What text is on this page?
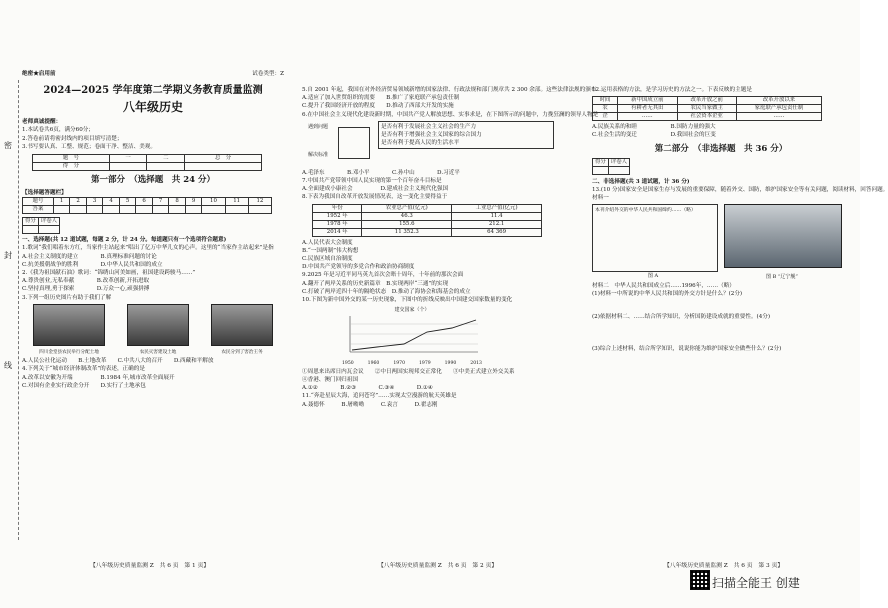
密
封
线
绝密★启用前	试卷类型：Z
2024—2025 学年度第二学期义务教育质量监测
八年级历史
老师真诚提醒：
1.本试卷共6页，满分60分；
2.答卷前请将密封线内的项目填写清楚；
3.书写要认真、工整、规范；卷面干净、整洁、美观。
题　号	一	二	总　分
得　分			
第一部分　（选择题　共 24 分）
【选择题答题栏】
题号	1	2	3	4	5	6	7	8	9	10	11	12
答案												
得分	评卷人

一、选择题(共 12 道试题，每题 2 分，计 24 分。每道题只有一个选项符合题意)
1.歌词“我们唱着东方红，当家作主站起来”唱出了亿万中华儿女的心声。这里的“当家作主站起来”是指
A.社会主义制度的建立　　　　B.真理标准问题的讨论
C.抗美援朝战争的胜利　　　　D.中华人民共和国的成立
2.《我为祖国献石油》歌词：“锦绣山河美如画，祖国建设跨骏马……”
A.尊贵创业,无私奉献　　　　B.改革创新,开拓进取
C.坚持真理,勇于探索　　　　D.万众一心,顽强拼搏
3.下列一组历史图片有助于我们了解
四川金堂县农民举行分配土地	农民灭害建设土地	农民分到了害治王务
A.人民公社化运动　　B.土地改革　　C.中共八大的召开　　D.西藏和平解放
4.下列关于“城市经济体制改革”的表述，正确的是
A.改革以安徽为开端　　　　　B.1984 年,城市改革全面展开
C.对国有企业实行政企分开　　D.实行了土地承包
5.自 2001 年起，我国在对外经济贸易领域新增的国家法律、行政法规和部门规章共 2 300 余部。这些法律法规的颁布
A.适应了加入世贸组织的需要　　B.推广了家庭联产承包责任制
C.提升了我国经济开放的程度　　D.推动了西部大开发的实施
6.在中国社会主义现代化建设新时期，中国共产党人解放思想、实事求是，在下图所示的问题中，力挽狂澜的领导人物是
遇到问题
解决标准
是否有利于发展社会主义社会的生产力
是否有利于增强社会主义国家的综合国力
是否有利于提高人民的生活水平
A.毛泽东　　　　B.邓小平　　　　C.孙中山　　　　D.习近平
7.中国共产党带领中国人民实现的第一个百年奋斗目标是
A.全面建成小康社会　　　　　D.建成社会主义现代化强国
8.下表为我国自改革开放发展情况表，这一变化主要得益于
年份	农业总产值(亿元)	工业总产值(亿元)
1952 年	46.3	11.4
1978 年	155.6	212.1
2014 年	11 352.3	64 369
A.人民代表大会制度
B.“一国两制”伟大构想
C.民族区域自治制度
D.中国共产党领导的多党合作和政治协商制度
9.2025 年是习近平同马英九首次会晤十周年，十年前的那次会面
A.翻开了两岸关系的历史新篇章　B.实现两岸“三通”的实现
C.打破了两岸近四十年的隔绝状态　D.推动了海协会和海基会的成立
10.下图为新中国外交的某一历史现象，下图中的折线反映出中国建交国家数量的变化
建交国家（个）
1950	1960	1970	1979	1990	2013
①周恩来出席日内瓦会议　　②中日两国实现邦交正常化　　③中美正式建立外交关系
④香港、澳门回归祖国
A.①②　　　　B.②③　　　　C.③④　　　　D.①④
11.“奔赴星辰大海，追问苍穹”……实现太空漫游的航天英雄是
A.聂德怀　　　B.屠呦呦　　　C.袁言　　　D.翟志刚
12.运用表格的方法，是学习历史的方法之一。下表反映的主题是
时间	新中国成立前	改革开放之前	改革开放以来
农	有耕者无其田	农民当家做主	家庭联产承包责任制
企	……	社会资本企业	……
A.民族关系的和睦　　　　　　B.国防力量的强大
C.社会生活的变迁　　　　　　D.我国社会的巨变
第二部分　（非选择题　共 36 分）
得分	评卷人

二、非选择题(共 3 道试题，计 36 分)
13.(10 分)国家安全是国家生存与发展的重要保障，随着外交、国防，维护国家安全等有关问题，阅读材料，回答问题。
材料一
本刊介绍外交的中华人民共和国缔约……（略）
图 A	图 B “辽宁舰”
材料二　中华人民共和国成立后……1996年，……（略）
(1)材料一中所说的中华人民共和国的外交方针是什么？(2分)
(2)依据材料二、……结合所学知识，分析国防建设成就的重要性。(4分)
(3)综合上述材料，结合所学知识，说说你能为维护国家安全做些什么？(2分)
【八年级历史质量监测 Z　共 6 页　第 1 页】	【八年级历史质量监测 Z　共 6 页　第 2 页】	【八年级历史质量监测 Z　共 6 页　第 3 页】
扫描全能王 创建
